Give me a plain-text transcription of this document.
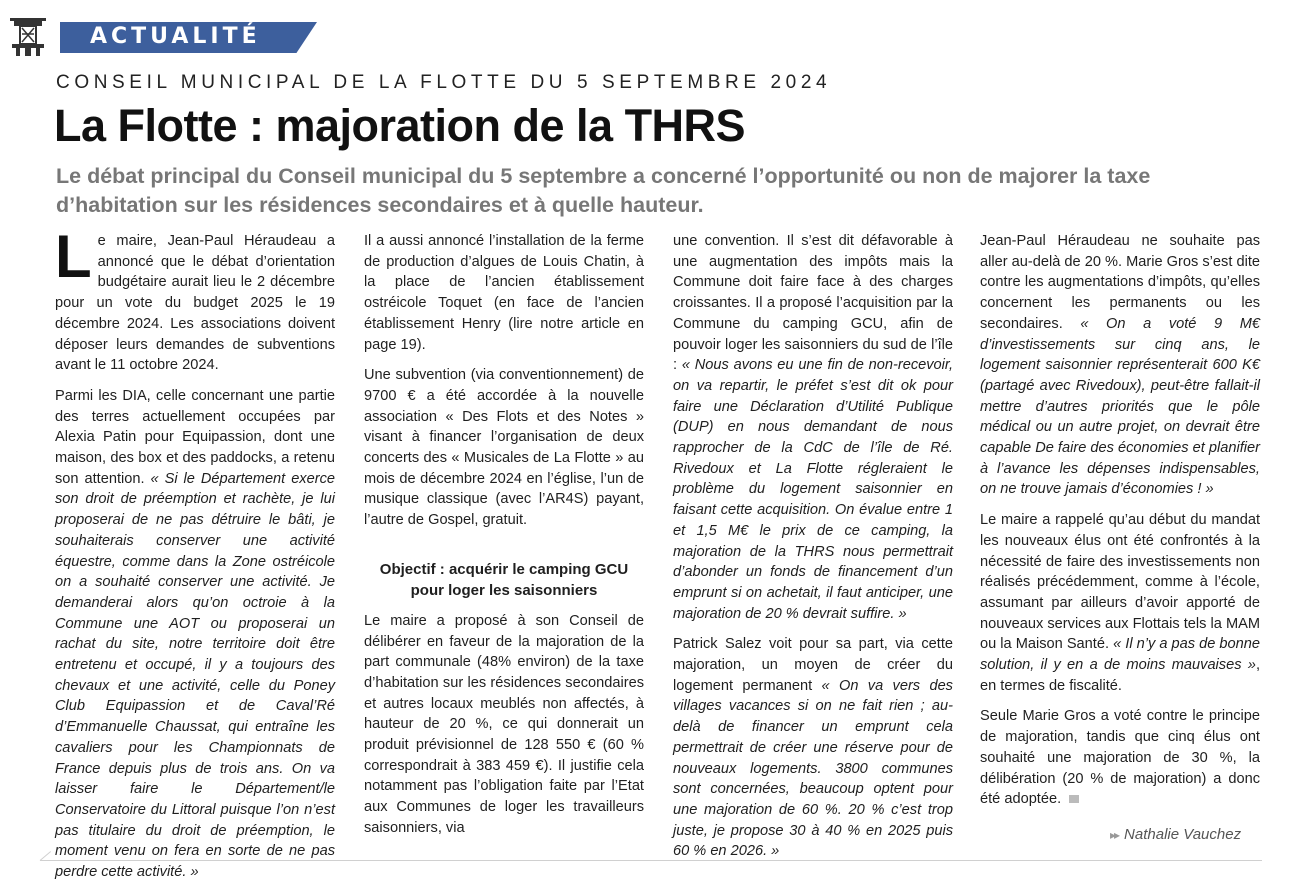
ACTUALITÉ
CONSEIL MUNICIPAL DE LA FLOTTE DU 5 SEPTEMBRE 2024
La Flotte : majoration de la THRS
Le débat principal du Conseil municipal du 5 septembre a concerné l’opportunité ou non de majorer la taxe d’habitation sur les résidences secondaires et à quelle hauteur.

Le maire, Jean-Paul Héraudeau a annoncé que le débat d’orientation budgétaire aurait lieu le 2 décembre pour un vote du budget 2025 le 19 décembre 2024. Les associations doivent déposer leurs demandes de subventions avant le 11 octobre 2024.

Parmi les DIA, celle concernant une partie des terres actuellement occupées par Alexia Patin pour Equipassion, dont une maison, des box et des paddocks, a retenu son attention. « Si le Département exerce son droit de préemption et rachète, je lui proposerai de ne pas détruire le bâti, je souhaiterais conserver une activité équestre, comme dans la Zone ostréicole on a souhaité conserver une activité. Je demanderai alors qu’on octroie à la Commune une AOT ou proposerai un rachat du site, notre territoire doit être entretenu et occupé, il y a toujours des chevaux et une activité, celle du Poney Club Equipassion et de Caval’Ré d’Emmanuelle Chaussat, qui entraîne les cavaliers pour les Championnats de France depuis plus de trois ans. On va laisser faire le Département/le Conservatoire du Littoral puisque l’on n’est pas titulaire du droit de préemption, le moment venu on fera en sorte de ne pas perdre cette activité. »

Il a aussi annoncé l’installation de la ferme de production d’algues de Louis Chatin, à la place de l’ancien établissement ostréicole Toquet (en face de l’ancien établissement Henry (lire notre article en page 19).

Une subvention (via conventionnement) de 9700 € a été accordée à la nouvelle association « Des Flots et des Notes » visant à financer l’organisation de deux concerts des « Musicales de La Flotte » au mois de décembre 2024 en l’église, l’un de musique classique (avec l’AR4S) payant, l’autre de Gospel, gratuit.

Objectif : acquérir le camping GCU pour loger les saisonniers

Le maire a proposé à son Conseil de délibérer en faveur de la majoration de la part communale (48% environ) de la taxe d’habitation sur les résidences secondaires et autres locaux meublés non affectés, à hauteur de 20 %, ce qui donnerait un produit prévisionnel de 128 550 € (60 % correspondrait à 383 459 €). Il justifie cela notamment pas l’obligation faite par l’Etat aux Communes de loger les travailleurs saisonniers, via

une convention. Il s’est dit défavorable à une augmentation des impôts mais la Commune doit faire face à des charges croissantes. Il a proposé l’acquisition par la Commune du camping GCU, afin de pouvoir loger les saisonniers du sud de l’île : « Nous avons eu une fin de non-recevoir, on va repartir, le préfet s’est dit ok pour faire une Déclaration d’Utilité Publique (DUP) en nous demandant de nous rapprocher de la CdC de l’île de Ré. Rivedoux et La Flotte régleraient le problème du logement saisonnier en faisant cette acquisition. On évalue entre 1 et 1,5 M€ le prix de ce camping, la majoration de la THRS nous permettrait d’abonder un fonds de financement d’un emprunt si on achetait, il faut anticiper, une majoration de 20 % devrait suffire. »

Patrick Salez voit pour sa part, via cette majoration, un moyen de créer du logement permanent « On va vers des villages vacances si on ne fait rien ; au-delà de financer un emprunt cela permettrait de créer une réserve pour de nouveaux logements. 3800 communes sont concernées, beaucoup optent pour une majoration de 60 %. 20 % c’est trop juste, je propose 30 à 40 % en 2025 puis 60 % en 2026. »

Jean-Paul Héraudeau ne souhaite pas aller au-delà de 20 %. Marie Gros s’est dite contre les augmentations d’impôts, qu’elles concernent les permanents ou les secondaires. « On a voté 9 M€ d’investissements sur cinq ans, le logement saisonnier représenterait 600 K€ (partagé avec Rivedoux), peut-être fallait-il mettre d’autres priorités que le pôle médical ou un autre projet, on devrait être capable De faire des économies et planifier à l’avance les dépenses indispensables, on ne trouve jamais d’économies ! »

Le maire a rappelé qu’au début du mandat les nouveaux élus ont été confrontés à la nécessité de faire des investissements non réalisés précédemment, comme à l’école, assumant par ailleurs d’avoir apporté de nouveaux services aux Flottais tels la MAM ou la Maison Santé. « Il n’y a pas de bonne solution, il y en a de moins mauvaises », en termes de fiscalité.

Seule Marie Gros a voté contre le principe de majoration, tandis que cinq élus ont souhaité une majoration de 30 %, la délibération (20 % de majoration) a donc été adoptée.

▸▸ Nathalie Vauchez
